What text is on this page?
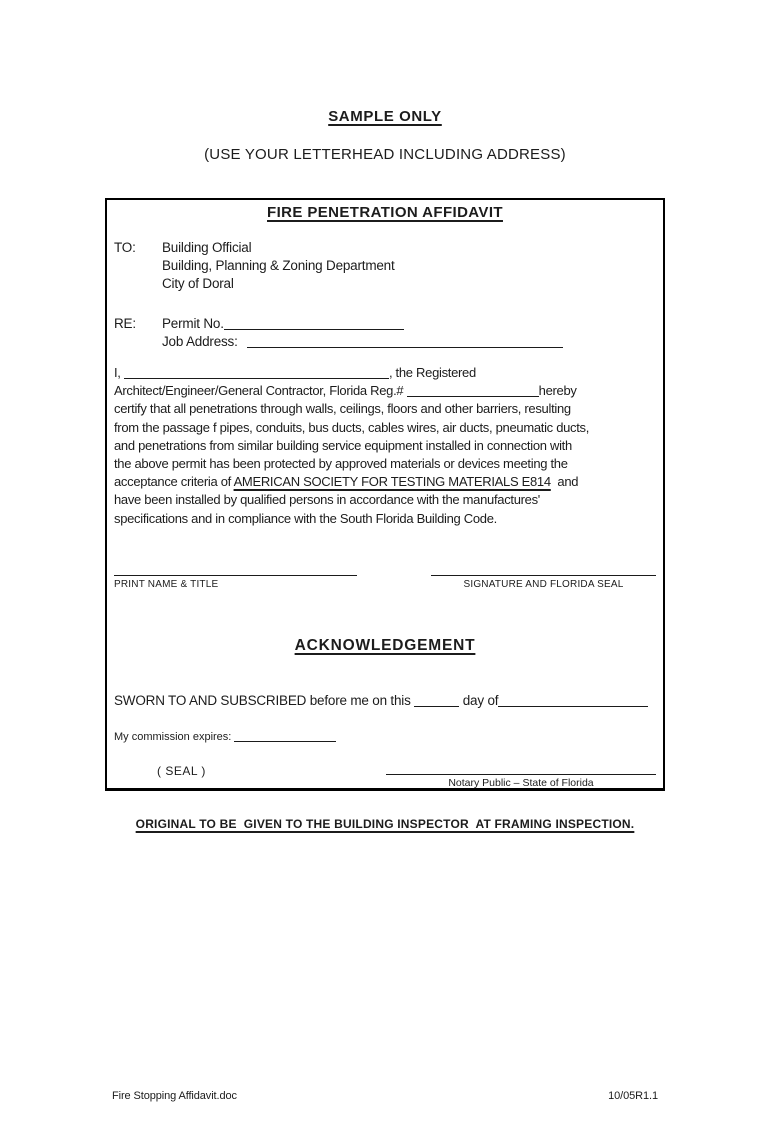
SAMPLE ONLY
(USE YOUR LETTERHEAD INCLUDING ADDRESS)
FIRE PENETRATION AFFIDAVIT
TO:	Building Official
Building, Planning & Zoning Department
City of Doral
RE:	Permit No.
Job Address:
I,	, the Registered
Architect/Engineer/General Contractor, Florida Reg.#	hereby
certify that all penetrations through walls, ceilings, floors and other barriers, resulting
from the passage f pipes, conduits, bus ducts, cables wires, air ducts, pneumatic ducts,
and penetrations from similar building service equipment installed in connection with
the above permit has been protected by approved materials or devices meeting the
acceptance criteria of AMERICAN SOCIETY FOR TESTING MATERIALS E814  and
have been installed by qualified persons in accordance with the manufactures'
specifications and in compliance with the South Florida Building Code.
PRINT NAME & TITLE	SIGNATURE AND FLORIDA SEAL
ACKNOWLEDGEMENT
SWORN TO AND SUBSCRIBED before me on this	day of
My commission expires:
( SEAL )
Notary Public – State of Florida
ORIGINAL TO BE  GIVEN TO THE BUILDING INSPECTOR  AT FRAMING INSPECTION.
Fire Stopping Affidavit.doc	10/05R1.1
